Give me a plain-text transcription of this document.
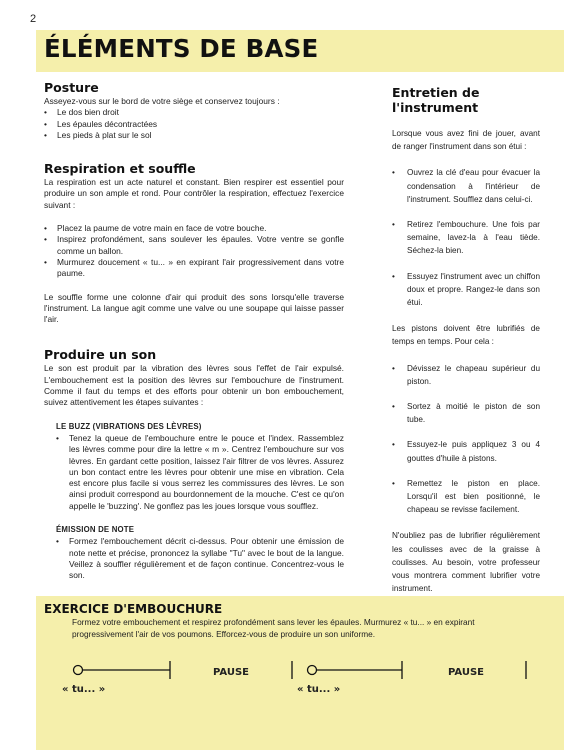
2
ÉLÉMENTS DE BASE
Posture

Asseyez-vous sur le bord de votre siège et conservez toujours :

• Le dos bien droit
• Les épaules décontractées
• Les pieds à plat sur le sol
Respiration et souffle

La respiration est un acte naturel et constant. Bien respirer est essentiel pour produire un son ample et rond. Pour contrôler la respiration, effectuez l'exercice suivant :

• Placez la paume de votre main en face de votre bouche.
• Inspirez profondément, sans soulever les épaules. Votre ventre se gonfle comme un ballon.
• Murmurez doucement « tu... » en expirant l'air progressivement dans votre paume.

Le souffle forme une colonne d'air qui produit des sons lorsqu'elle traverse l'instrument. La langue agit comme une valve ou une soupape qui laisse passer l'air.

Produire un son

Le son est produit par la vibration des lèvres sous l'effet de l'air expulsé. L'embouchement est la position des lèvres sur l'embouchure de l'instrument. Comme il faut du temps et des efforts pour obtenir un bon embouchement, suivez attentivement les étapes suivantes :

LE BUZZ (VIBRATIONS DES LÈVRES)
• Tenez la queue de l'embouchure entre le pouce et l'index. Rassemblez les lèvres comme pour dire la lettre « m ». Centrez l'embouchure sur vos lèvres. En gardant cette position, laissez l'air filtrer de vos lèvres. Assurez un bon contact entre les lèvres pour obtenir une mise en vibration. Cela est encore plus facile si vous serrez les commissures des lèvres. Le son ainsi produit correspond au bourdonnement de la mouche. C'est ce qu'on appelle le 'buzzing'. Ne gonflez pas les joues lorsque vous soufflez.
ÉMISSION DE NOTE
• Formez l'embouchement décrit ci-dessus. Pour obtenir une émission de note nette et précise, prononcez la syllabe "Tu" avec le bout de la langue. Veillez à souffler régulièrement et de façon continue. Concentrez-vous le son.
Entretien de l'instrument

Lorsque vous avez fini de jouer, avant de ranger l'instrument dans son étui :

• Ouvrez la clé d'eau pour évacuer la condensation à l'intérieur de l'instrument. Soufflez dans celui-ci.
• Retirez l'embouchure. Une fois par semaine, lavez-la à l'eau tiède. Séchez-la bien.
• Essuyez l'instrument avec un chiffon doux et propre. Rangez-le dans son étui.

Les pistons doivent être lubrifiés de temps en temps. Pour cela :

• Dévissez le chapeau supérieur du piston.
• Sortez à moitié le piston de son tube.
• Essuyez-le puis appliquez 3 ou 4 gouttes d'huile à pistons.
• Remettez le piston en place. Lorsqu'il est bien positionné, le chapeau se revisse facilement.

N'oubliez pas de lubrifier régulièrement les coulisses avec de la graisse à coulisses. Au besoin, votre professeur vous montrera comment lubrifier votre instrument.

EXERCICE D'EMBOUCHURE
Formez votre embouchement et respirez profondément sans lever les épaules. Murmurez « tu... » en expirant progressivement l'air de vos poumons. Efforcez-vous de produire un son uniforme.
« tu... »
PAUSE
« tu... »
PAUSE
